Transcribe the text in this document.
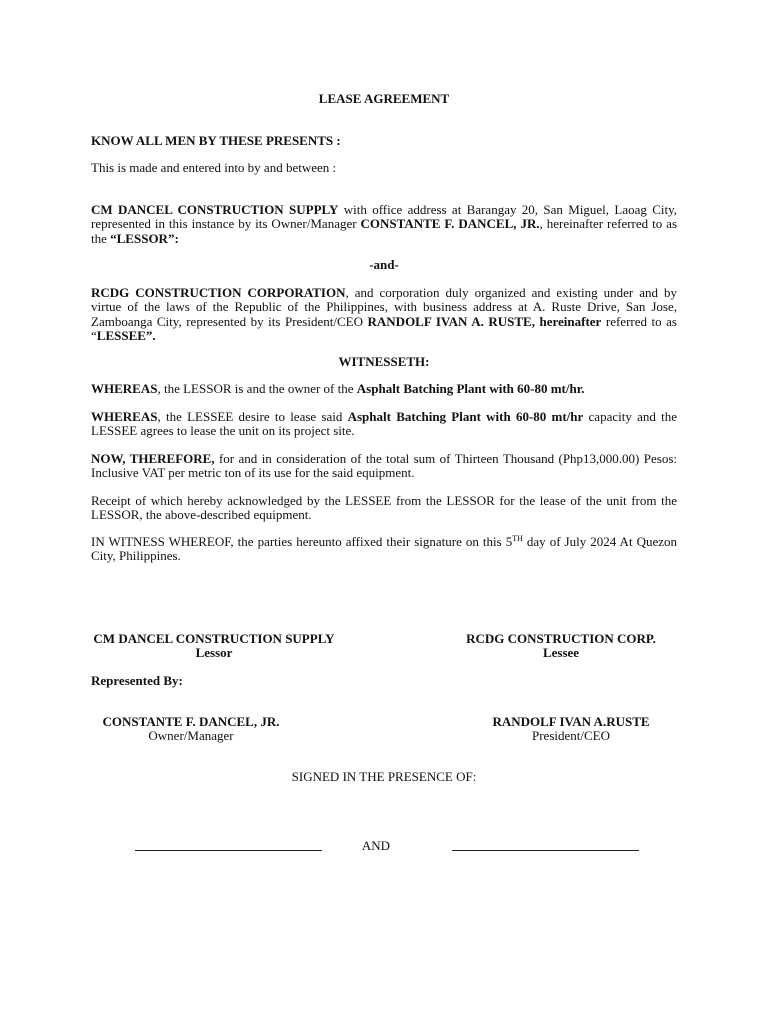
LEASE AGREEMENT

KNOW ALL MEN BY THESE PRESENTS :

This is made and entered into by and between :

CM DANCEL CONSTRUCTION SUPPLY with office address at Barangay 20, San Miguel, Laoag City, represented in this instance by its Owner/Manager CONSTANTE F. DANCEL, JR., hereinafter referred to as the “LESSOR”:

-and-

RCDG CONSTRUCTION CORPORATION, and corporation duly organized and existing under and by virtue of the laws of the Republic of the Philippines, with business address at A. Ruste Drive, San Jose, Zamboanga City, represented by its President/CEO RANDOLF IVAN A. RUSTE, hereinafter referred to as “LESSEE”.

WITNESSETH:

WHEREAS, the LESSOR is and the owner of the Asphalt Batching Plant with 60-80 mt/hr.

WHEREAS, the LESSEE desire to lease said Asphalt Batching Plant with 60-80 mt/hr capacity and the LESSEE agrees to lease the unit on its project site.

NOW, THEREFORE, for and in consideration of the total sum of Thirteen Thousand (Php13,000.00) Pesos: Inclusive VAT per metric ton of its use for the said equipment.

Receipt of which hereby acknowledged by the LESSEE from the LESSOR for the lease of the unit from the LESSOR, the above-described equipment.

IN WITNESS WHEREOF, the parties hereunto affixed their signature on this 5TH day of July 2024 At Quezon City, Philippines.

CM DANCEL CONSTRUCTION SUPPLY
Lessor

RCDG CONSTRUCTION CORP.
Lessee

Represented By:

CONSTANTE F. DANCEL, JR.
Owner/Manager

RANDOLF IVAN A.RUSTE
President/CEO

SIGNED IN THE PRESENCE OF:

AND
